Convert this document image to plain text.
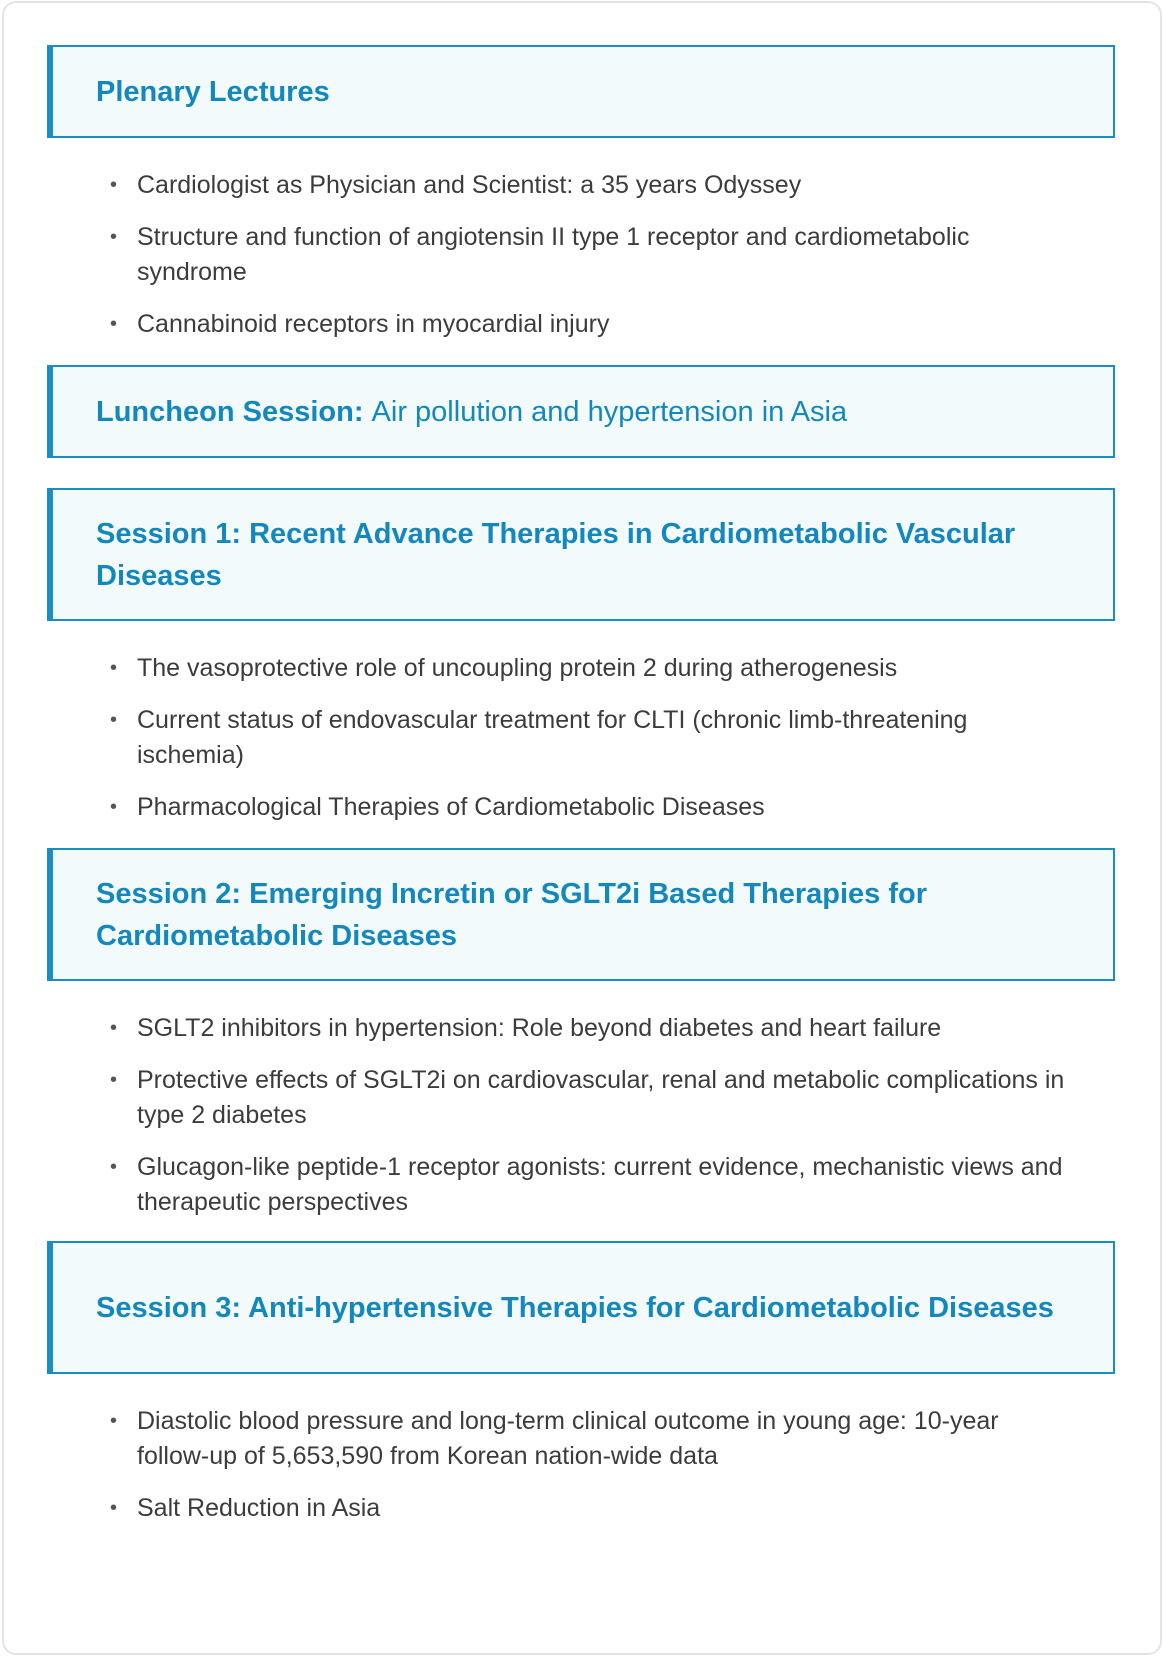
Plenary Lectures
• Cardiologist as Physician and Scientist: a 35 years Odyssey
• Structure and function of angiotensin II type 1 receptor and cardiometabolic syndrome
• Cannabinoid receptors in myocardial injury
Luncheon Session: Air pollution and hypertension in Asia
Session 1: Recent Advance Therapies in Cardiometabolic Vascular Diseases
• The vasoprotective role of uncoupling protein 2 during atherogenesis
• Current status of endovascular treatment for CLTI (chronic limb-threatening ischemia)
• Pharmacological Therapies of Cardiometabolic Diseases
Session 2: Emerging Incretin or SGLT2i Based Therapies for Cardiometabolic Diseases
• SGLT2 inhibitors in hypertension: Role beyond diabetes and heart failure
• Protective effects of SGLT2i on cardiovascular, renal and metabolic complications in type 2 diabetes
• Glucagon-like peptide-1 receptor agonists: current evidence, mechanistic views and therapeutic perspectives
Session 3: Anti-hypertensive Therapies for Cardiometabolic Diseases
• Diastolic blood pressure and long-term clinical outcome in young age: 10-year follow-up of 5,653,590 from Korean nation-wide data
• Salt Reduction in Asia
